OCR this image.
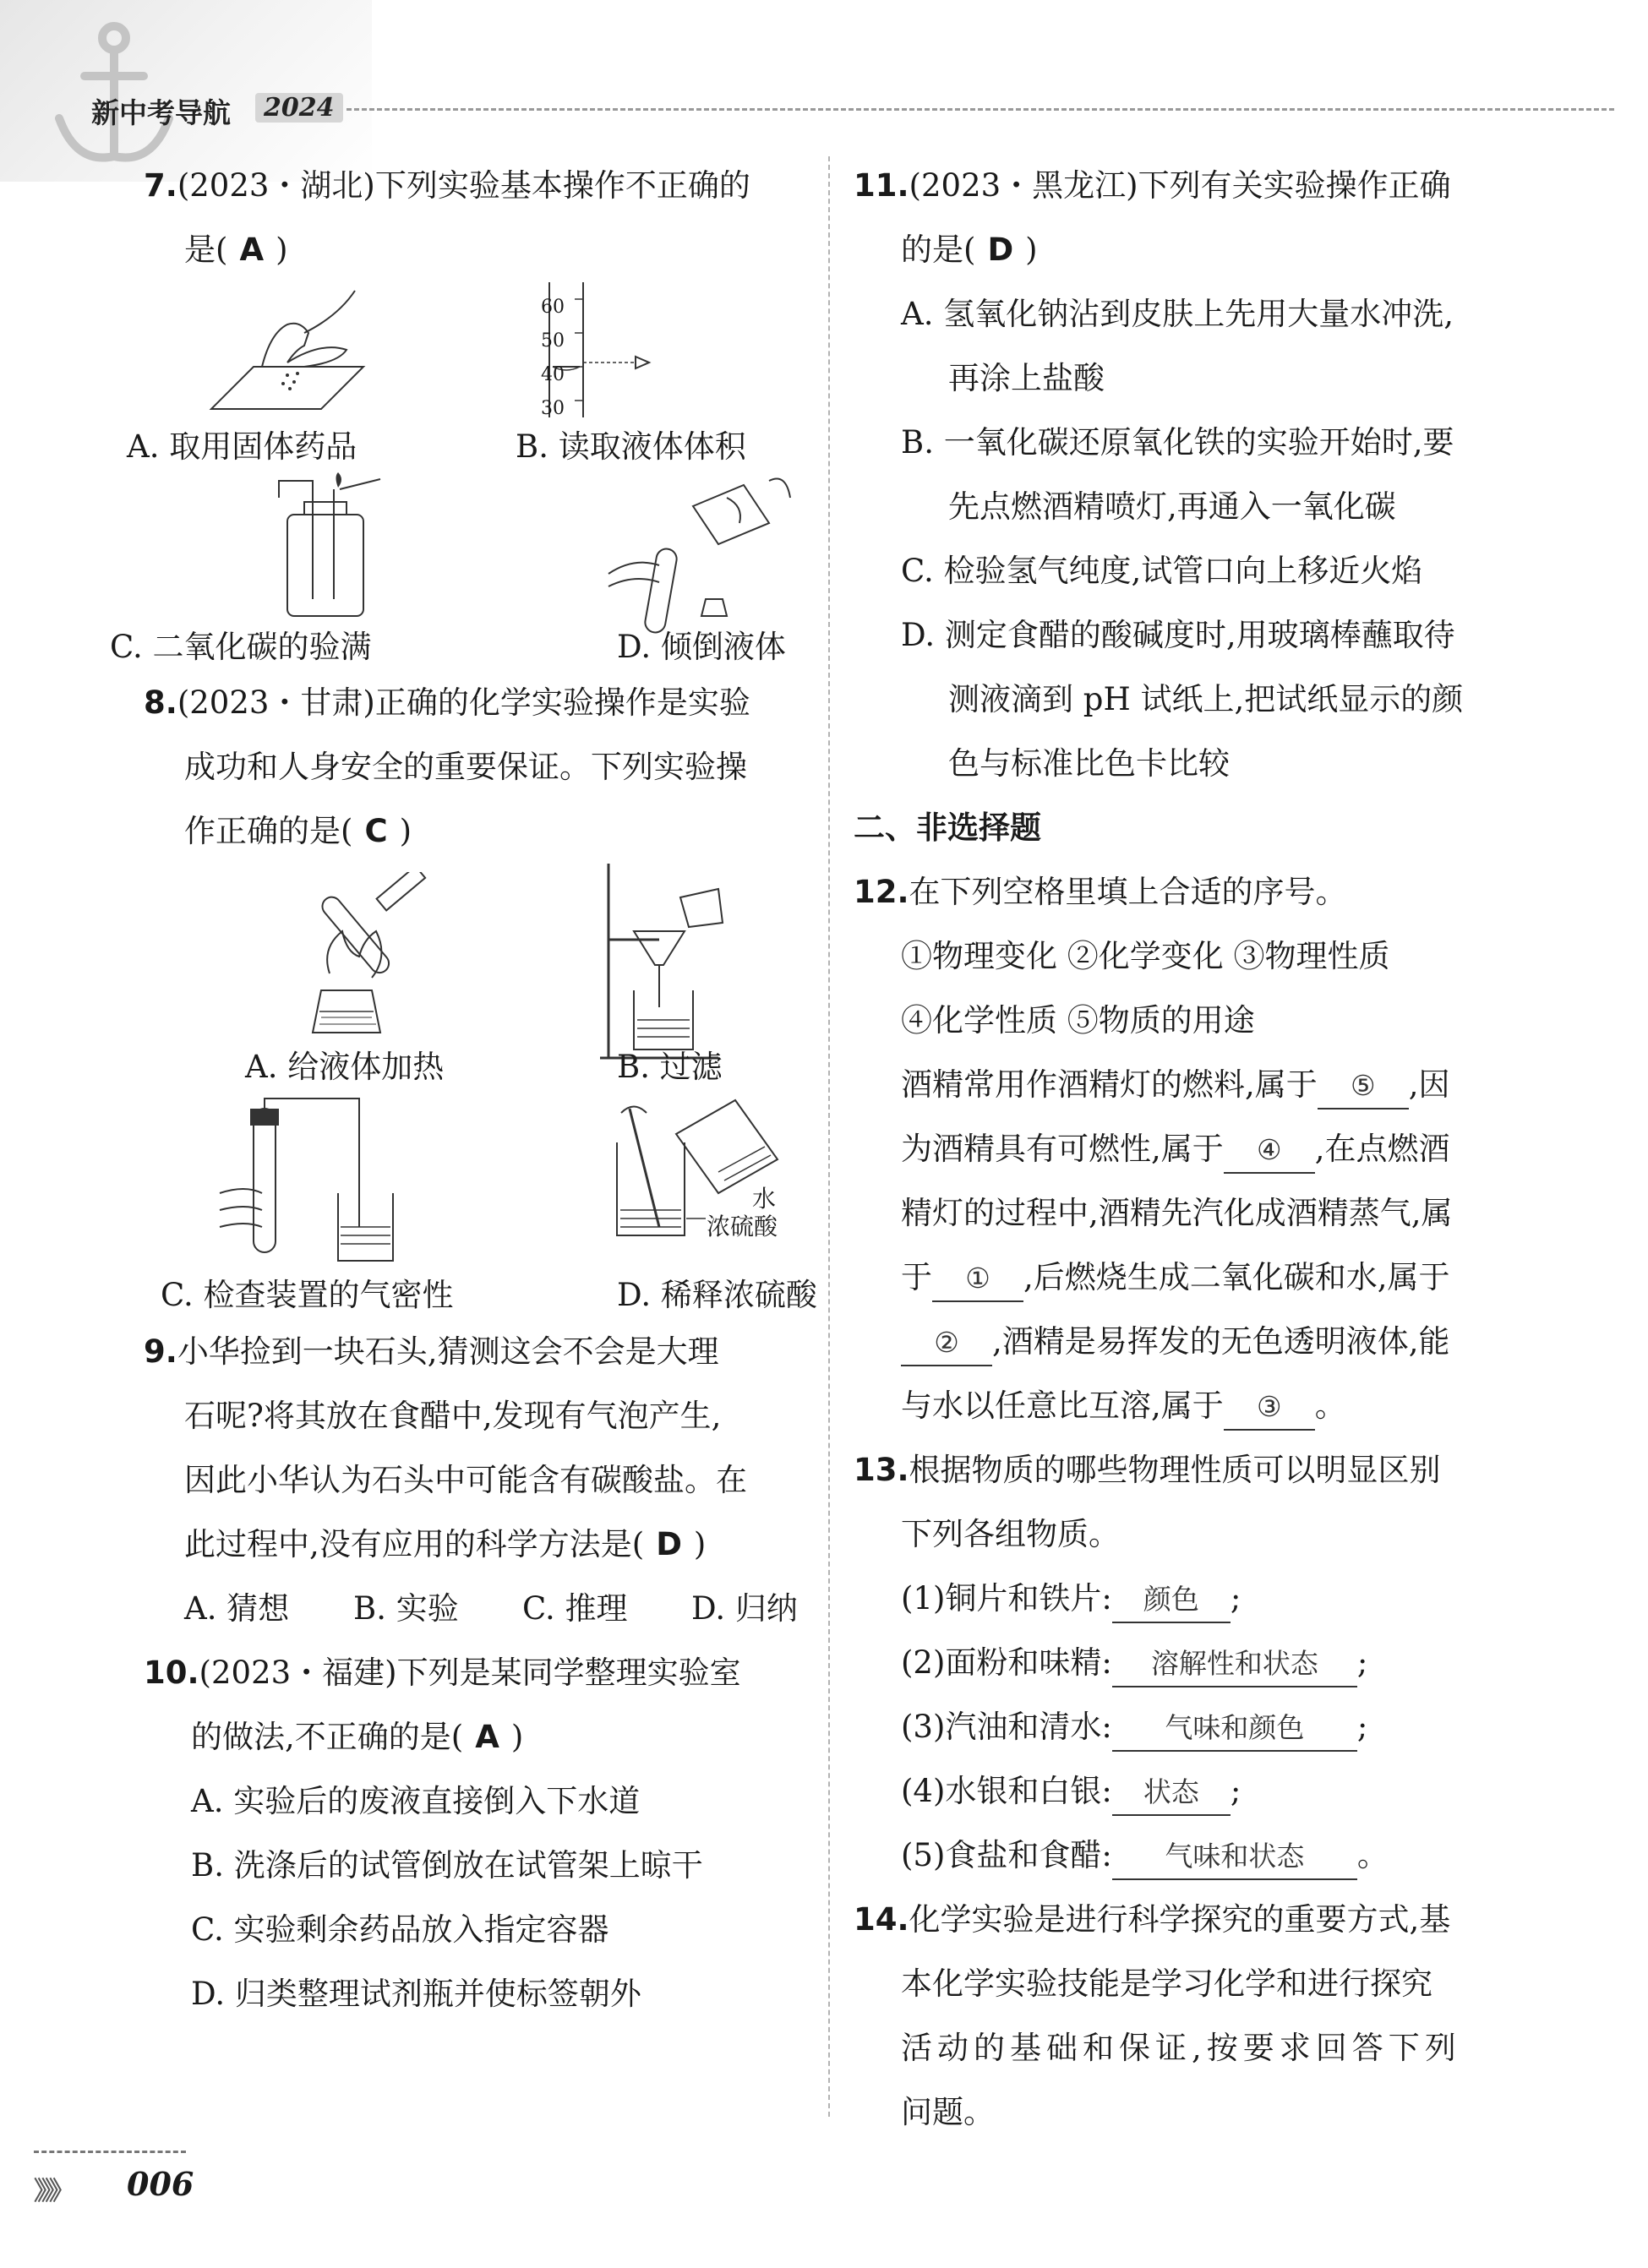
新中考导航	2024

7.(2023・湖北)下列实验基本操作不正确的

是( A )

60
50
40
30
A. 取用固体药品	B. 读取液体体积
C. 二氧化碳的验满	D. 倾倒液体

8.(2023・甘肃)正确的化学实验操作是实验

成功和人身安全的重要保证。下列实验操

作正确的是( C )

A. 给液体加热	B. 过滤
水
浓硫酸
C. 检查装置的气密性	D. 稀释浓硫酸

9.小华捡到一块石头,猜测这会不会是大理

石呢?将其放在食醋中,发现有气泡产生,

因此小华认为石头中可能含有碳酸盐。在

此过程中,没有应用的科学方法是( D )

A. 猜想 B. 实验 C. 推理 D. 归纳

10.(2023・福建)下列是某同学整理实验室

的做法,不正确的是( A )

A. 实验后的废液直接倒入下水道

B. 洗涤后的试管倒放在试管架上晾干

C. 实验剩余药品放入指定容器

D. 归类整理试剂瓶并使标签朝外

11.(2023・黑龙江)下列有关实验操作正确

的是( D )

A. 氢氧化钠沾到皮肤上先用大量水冲洗,

再涂上盐酸

B. 一氧化碳还原氧化铁的实验开始时,要

先点燃酒精喷灯,再通入一氧化碳

C. 检验氢气纯度,试管口向上移近火焰

D. 测定食醋的酸碱度时,用玻璃棒蘸取待

测液滴到 pH 试纸上,把试纸显示的颜

色与标准比色卡比较

二、非选择题

12.在下列空格里填上合适的序号。

①物理变化 ②化学变化 ③物理性质

④化学性质 ⑤物质的用途

酒精常用作酒精灯的燃料,属于 ⑤ ,因

为酒精具有可燃性,属于 ④ ,在点燃酒

精灯的过程中,酒精先汽化成酒精蒸气,属

于 ① ,后燃烧生成二氧化碳和水,属于

② ,酒精是易挥发的无色透明液体,能

与水以任意比互溶,属于 ③ 。

13.根据物质的哪些物理性质可以明显区别

下列各组物质。

(1)铜片和铁片: 颜色 ;

(2)面粉和味精: 溶解性和状态 ;

(3)汽油和清水: 气味和颜色 ;

(4)水银和白银: 状态 ;

(5)食盐和食醋: 气味和状态 。

14.化学实验是进行科学探究的重要方式,基

本化学实验技能是学习化学和进行探究

活动的基础和保证,按要求回答下列

问题。

》》》 006
